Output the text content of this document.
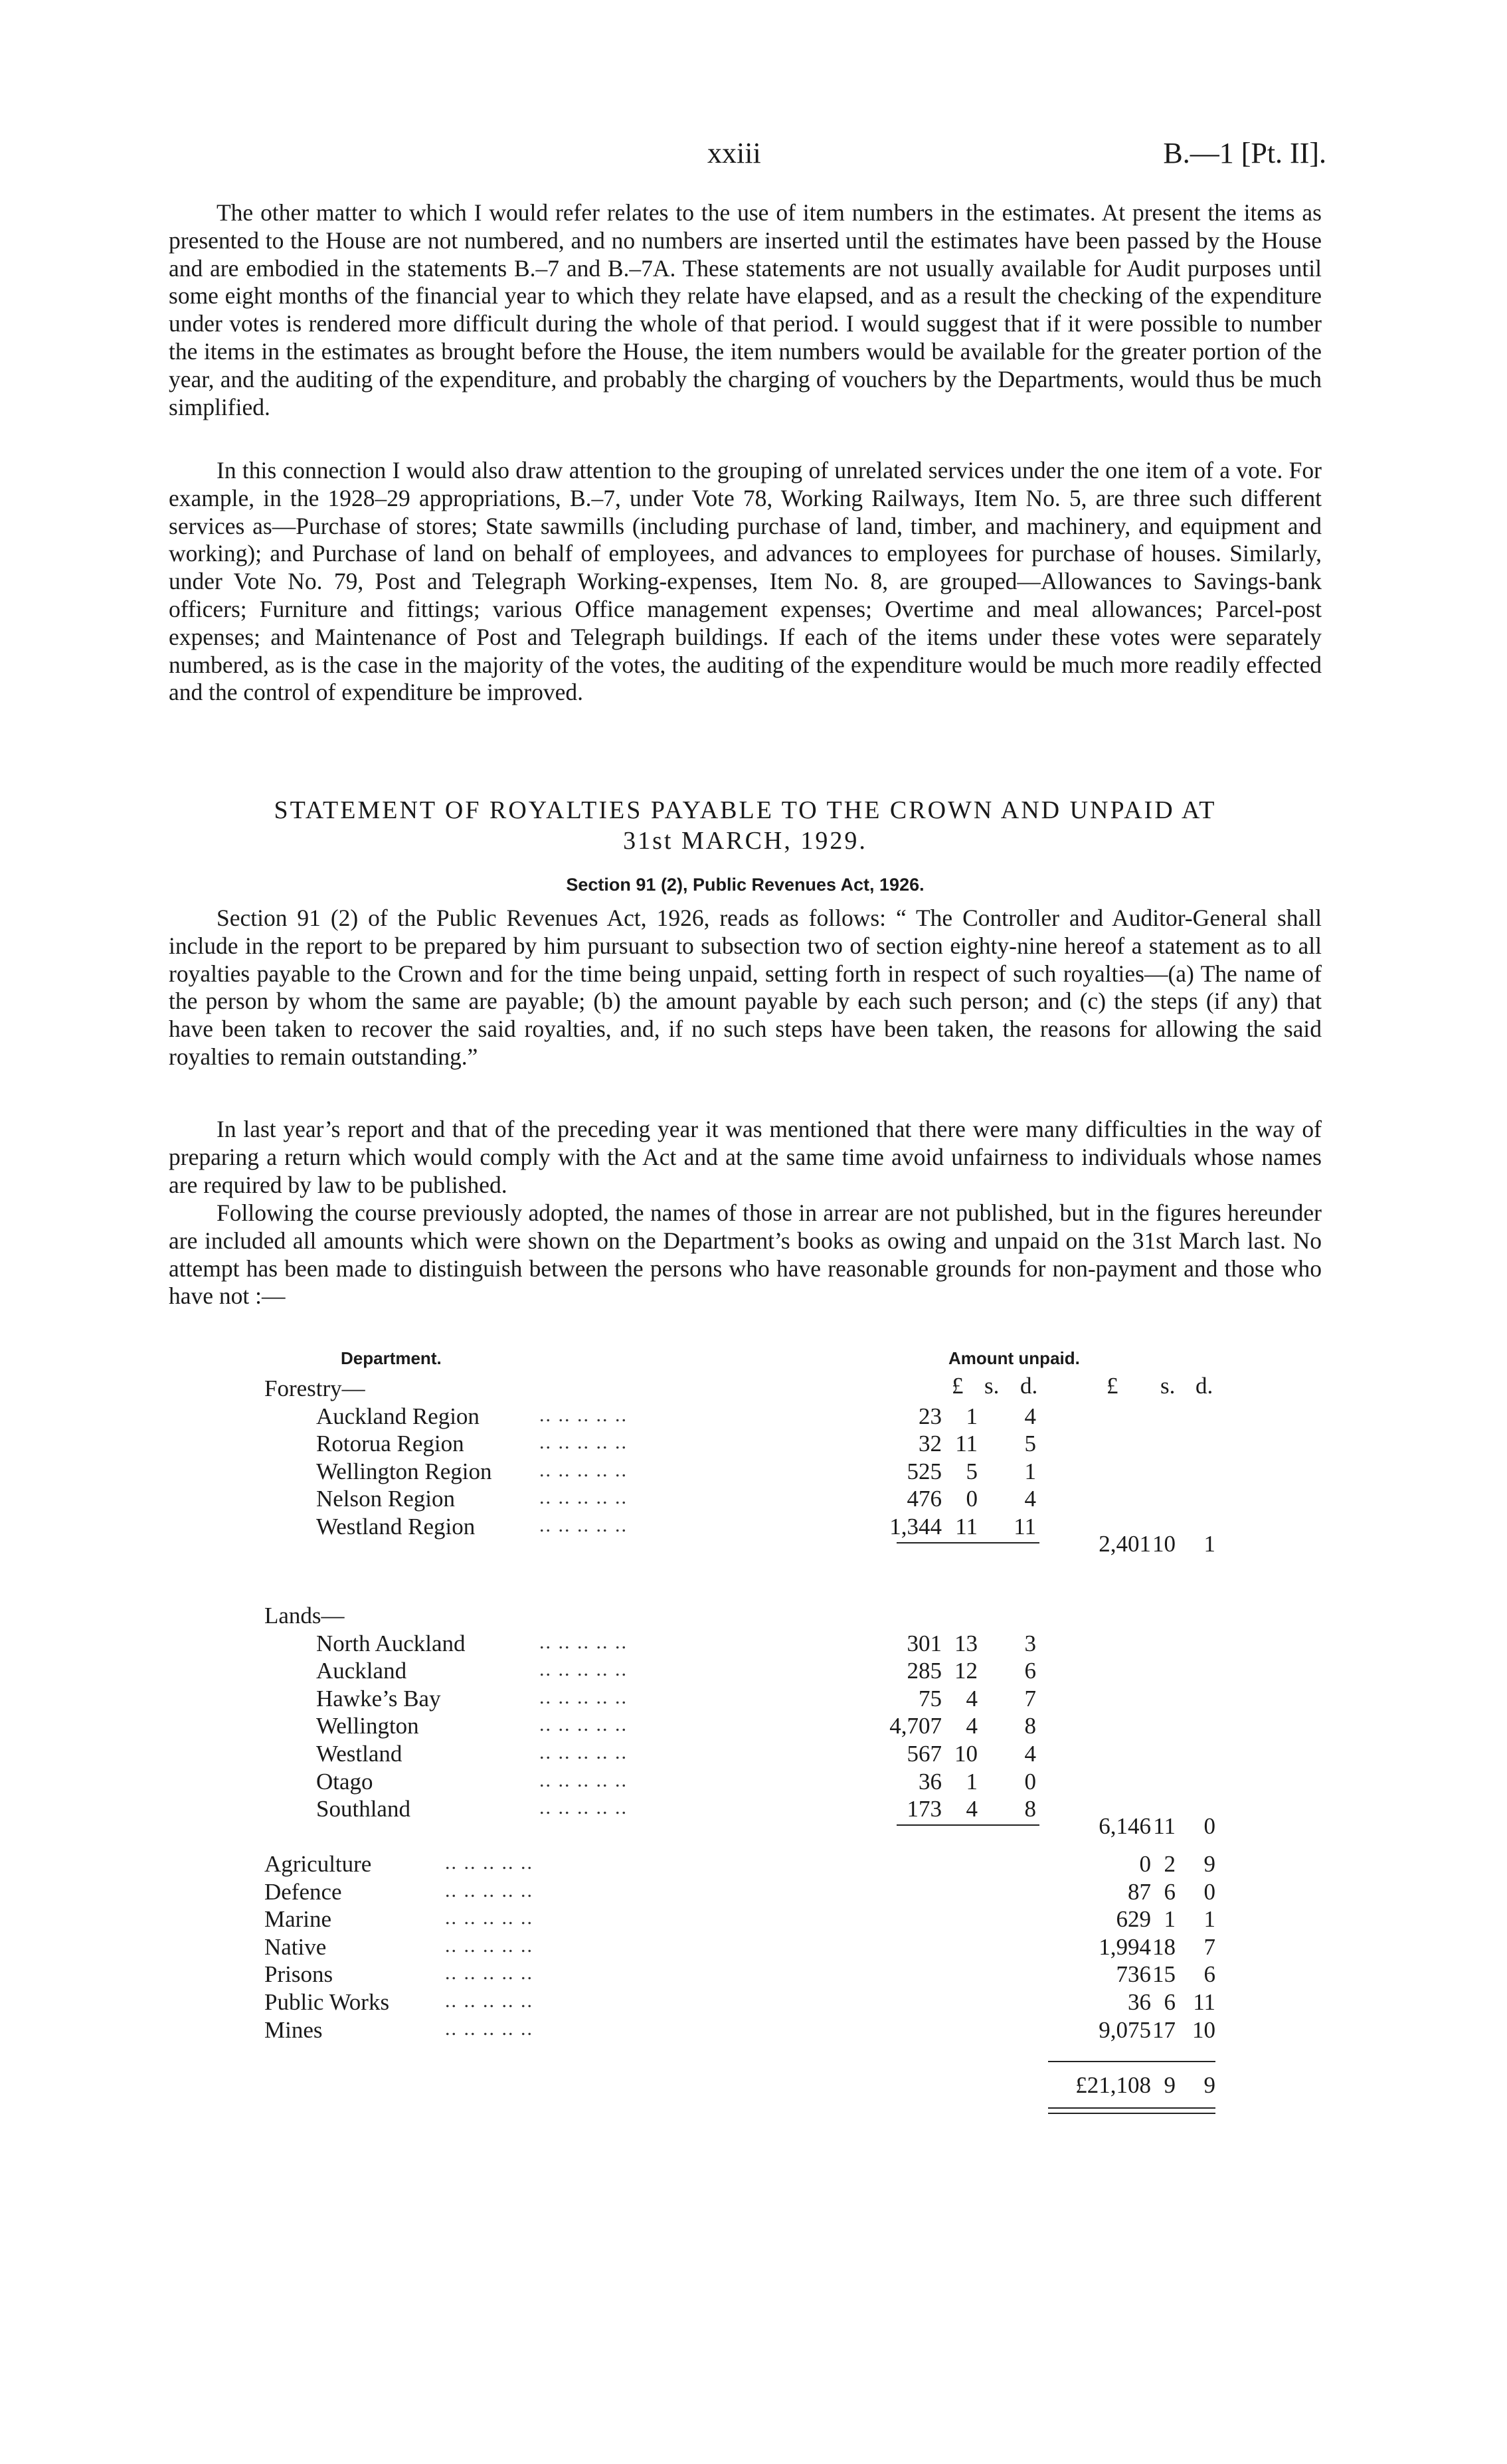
xxiii	B.—1 [Pt. II].

The other matter to which I would refer relates to the use of item numbers in the estimates. At present the items as presented to the House are not numbered, and no numbers are inserted until the estimates have been passed by the House and are embodied in the statements B.–7 and B.–7A. These statements are not usually available for Audit purposes until some eight months of the financial year to which they relate have elapsed, and as a result the checking of the expenditure under votes is rendered more difficult during the whole of that period. I would suggest that if it were possible to number the items in the estimates as brought before the House, the item numbers would be available for the greater portion of the year, and the auditing of the expenditure, and probably the charging of vouchers by the Departments, would thus be much simplified.

In this connection I would also draw attention to the grouping of unrelated services under the one item of a vote. For example, in the 1928–29 appropriations, B.–7, under Vote 78, Working Railways, Item No. 5, are three such different services as—Purchase of stores; State sawmills (including purchase of land, timber, and machinery, and equipment and working); and Purchase of land on behalf of employees, and advances to employees for purchase of houses. Similarly, under Vote No. 79, Post and Telegraph Working-expenses, Item No. 8, are grouped—Allowances to Savings-bank officers; Furniture and fittings; various Office management expenses; Overtime and meal allowances; Parcel-post expenses; and Maintenance of Post and Telegraph buildings. If each of the items under these votes were separately numbered, as is the case in the majority of the votes, the auditing of the expenditure would be much more readily effected and the control of expenditure be improved.

STATEMENT OF ROYALTIES PAYABLE TO THE CROWN AND UNPAID AT
31st MARCH, 1929.
Section 91 (2), Public Revenues Act, 1926.

Section 91 (2) of the Public Revenues Act, 1926, reads as follows: “ The Controller and Auditor-General shall include in the report to be prepared by him pursuant to subsection two of section eighty-nine hereof a statement as to all royalties payable to the Crown and for the time being unpaid, setting forth in respect of such royalties—(a) The name of the person by whom the same are payable; (b) the amount payable by each such person; and (c) the steps (if any) that have been taken to recover the said royalties, and, if no such steps have been taken, the reasons for allowing the said royalties to remain outstanding.”

In last year’s report and that of the preceding year it was mentioned that there were many difficulties in the way of preparing a return which would comply with the Act and at the same time avoid unfairness to individuals whose names are required by law to be published.

Following the course previously adopted, the names of those in arrear are not published, but in the figures hereunder are included all amounts which were shown on the Department’s books as owing and unpaid on the 31st March last. No attempt has been made to distinguish between the persons who have reasonable grounds for non-payment and those who have not :—

Department.	Amount unpaid.
£ s. d.	£ s. d.
Forestry—
Auckland Region	.. .. .. .. ..	23 1 4
Rotorua Region	.. .. .. .. ..	32 11 5
Wellington Region .. .. .. .. ..	525 5 1
Nelson Region	.. .. .. .. ..	476 0 4
Westland Region	.. .. .. .. ..	1,344 11 11
2,401 10 1
Lands—
North Auckland	.. .. .. .. ..	301 13 3
Auckland	.. .. .. .. ..	285 12 6
Hawke’s Bay	.. .. .. .. ..	75 4 7
Wellington	.. .. .. .. ..	4,707 4 8
Westland	.. .. .. .. ..	567 10 4
Otago	.. .. .. .. ..	36 1 0
Southland	.. .. .. .. ..	173 4 8
6,146 11 0
Agriculture	.. .. .. .. ..	0 2 9
Defence	.. .. .. .. ..	87 6 0
Marine	.. .. .. .. ..	629 1 1
Native	.. .. .. .. ..	1,994 18 7
Prisons	.. .. .. .. ..	736 15 6
Public Works	.. .. .. .. ..	36 6 11
Mines	.. .. .. .. ..	9,075 17 10
£21,108 9 9
